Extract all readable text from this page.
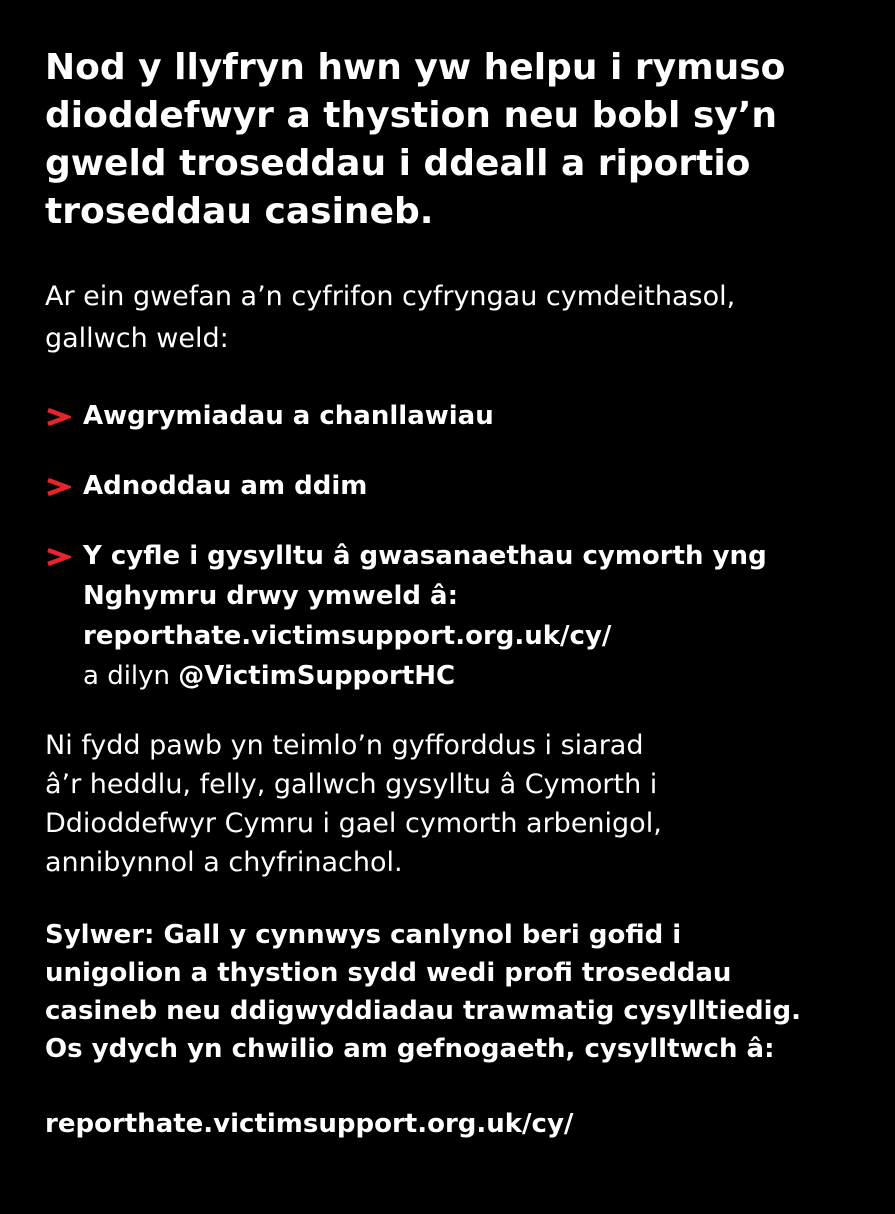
Nod y llyfryn hwn yw helpu i rymuso
dioddefwyr a thystion neu bobl sy’n
gweld troseddau i ddeall a riportio
troseddau casineb.

Ar ein gwefan a’n cyfrifon cyfryngau cymdeithasol,
gallwch weld:

Awgrymiadau a chanllawiau
Adnoddau am ddim
Y cyfle i gysylltu â gwasanaethau cymorth yng
Nghymru drwy ymweld â:
reporthate.victimsupport.org.uk/cy/
a dilyn @VictimSupportHC

Ni fydd pawb yn teimlo’n gyfforddus i siarad
â’r heddlu, felly, gallwch gysylltu â Cymorth i
Ddioddefwyr Cymru i gael cymorth arbenigol,
annibynnol a chyfrinachol.

Sylwer: Gall y cynnwys canlynol beri gofid i
unigolion a thystion sydd wedi profi troseddau
casineb neu ddigwyddiadau trawmatig cysylltiedig.
Os ydych yn chwilio am gefnogaeth, cysylltwch â:

reporthate.victimsupport.org.uk/cy/
